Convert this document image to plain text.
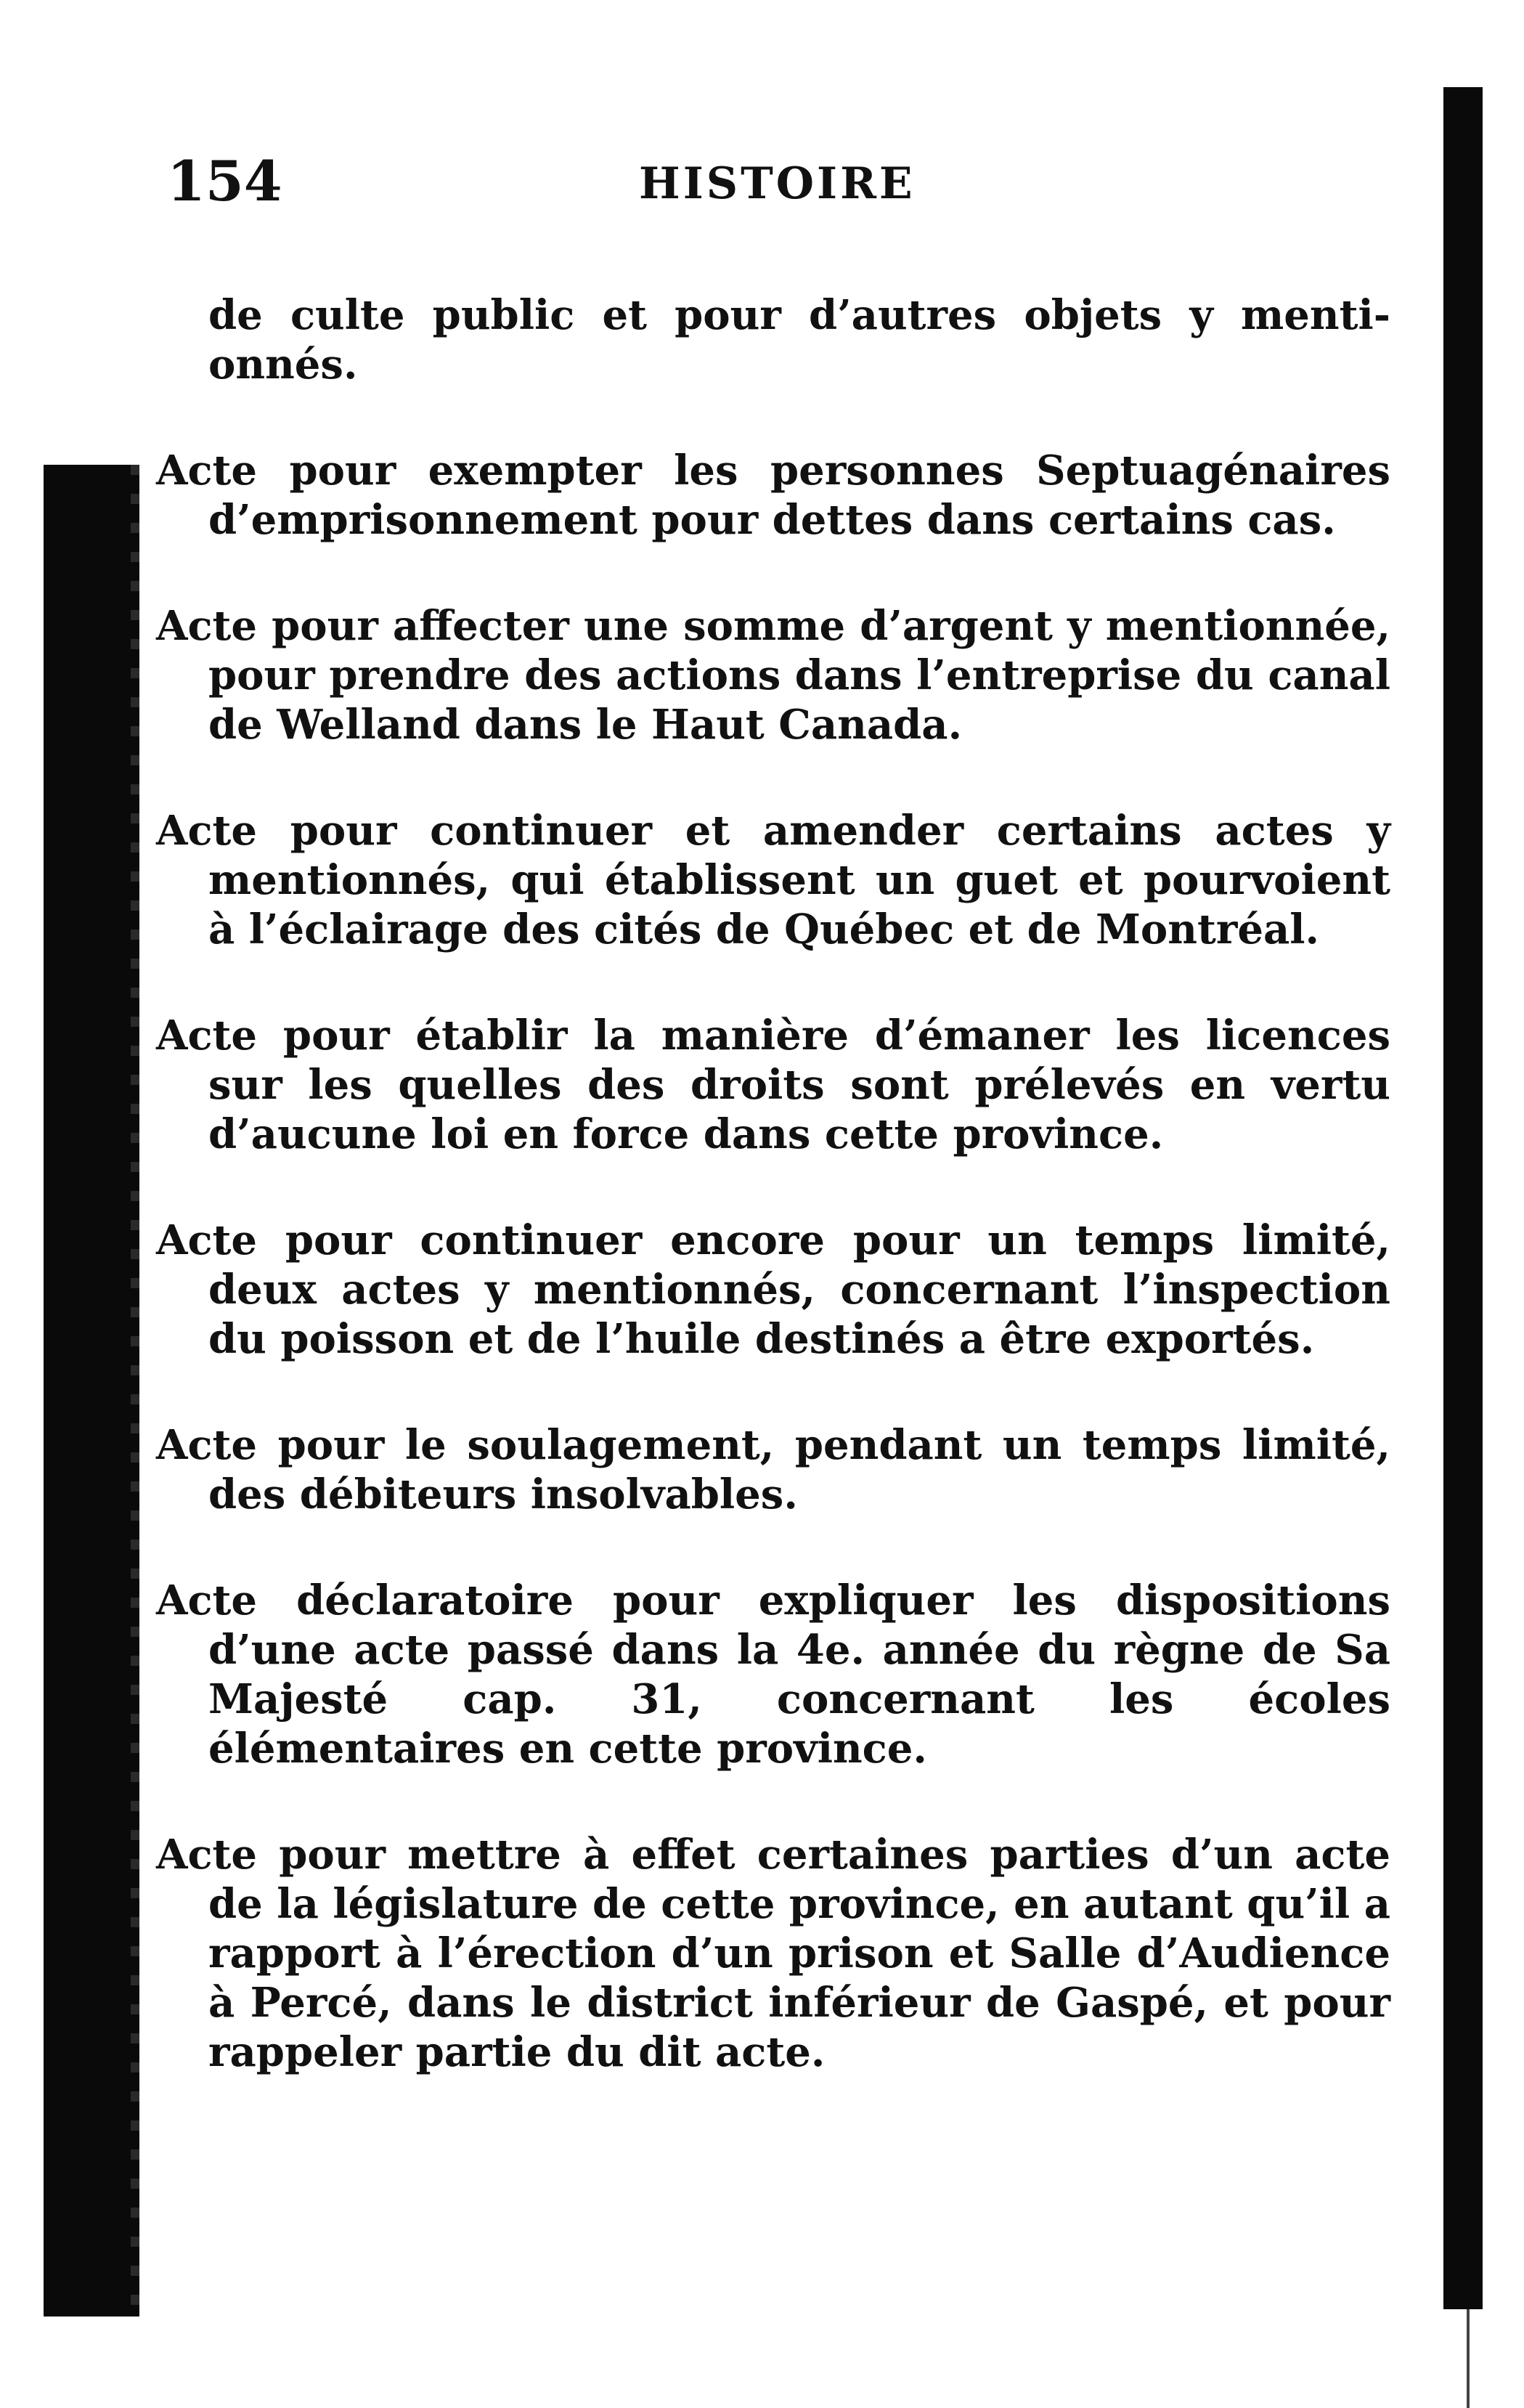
154	HISTOIRE

de culte public et pour d’autres objets y menti-onnés.

Acte pour exempter les personnes Septuagénaires d’emprisonnement pour dettes dans certains cas.

Acte pour affecter une somme d’argent y mentionnée, pour prendre des actions dans l’entreprise du canal de Welland dans le Haut Canada.

Acte pour continuer et amender certains actes y mentionnés, qui établissent un guet et pourvoient à l’éclairage des cités de Québec et de Montréal.

Acte pour établir la manière d’émaner les licences sur les quelles des droits sont prélevés en vertu d’aucune loi en force dans cette province.

Acte pour continuer encore pour un temps limité, deux actes y mentionnés, concernant l’inspection du poisson et de l’huile destinés a être exportés.

Acte pour le soulagement, pendant un temps limité, des débiteurs insolvables.

Acte déclaratoire pour expliquer les dispositions d’une acte passé dans la 4e. année du règne de Sa Majesté cap. 31, concernant les écoles élémentaires en cette province.

Acte pour mettre à effet certaines parties d’un acte de la législature de cette province, en autant qu’il a rapport à l’érection d’un prison et Salle d’Audience à Percé, dans le district inférieur de Gaspé, et pour rappeler partie du dit acte.
